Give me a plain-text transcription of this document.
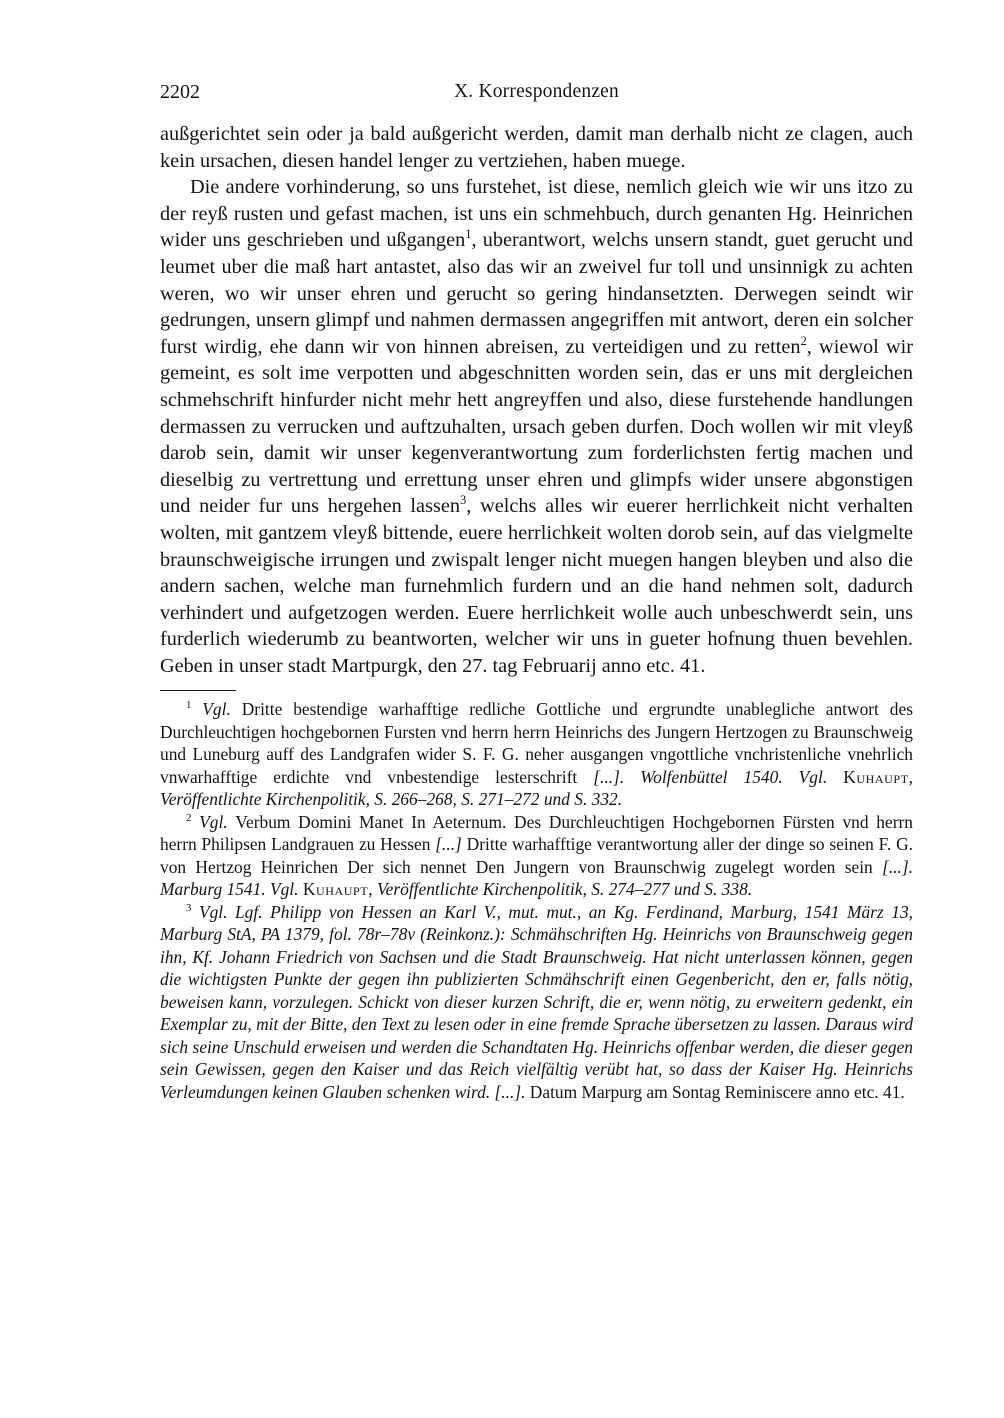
2202	X. Korrespondenzen

außgerichtet sein oder ja bald außgericht werden, damit man derhalb nicht ze clagen, auch kein ursachen, diesen handel lenger zu vertziehen, haben muege.

Die andere vorhinderung, so uns furstehet, ist diese, nemlich gleich wie wir uns itzo zu der reyß rusten und gefast machen, ist uns ein schmehbuch, durch genanten Hg. Heinrichen wider uns geschrieben und ußgangen$^1$, uberantwort, welchs unsern standt, guet gerucht und leumet uber die maß hart antastet, also das wir an zweivel fur toll und unsinnigk zu achten weren, wo wir unser ehren und gerucht so gering hindansetzten. Derwegen seindt wir gedrungen, unsern glimpf und nahmen dermassen angegriffen mit antwort, deren ein solcher furst wirdig, ehe dann wir von hinnen abreisen, zu verteidigen und zu retten$^2$, wiewol wir gemeint, es solt ime verpotten und abgeschnitten worden sein, das er uns mit dergleichen schmehschrift hinfurder nicht mehr hett angreyffen und also, diese furstehende handlungen dermassen zu verrucken und auftzuhalten, ursach geben durfen. Doch wollen wir mit vleyß darob sein, damit wir unser kegenverantwortung zum forderlichsten fertig machen und dieselbig zu vertrettung und errettung unser ehren und glimpfs wider unsere abgonstigen und neider fur uns hergehen lassen$^3$, welchs alles wir euerer herrlichkeit nicht verhalten wolten, mit gantzem vleyß bittende, euere herrlichkeit wolten dorob sein, auf das vielgmelte braunschweigische irrungen und zwispalt lenger nicht muegen hangen bleyben und also die andern sachen, welche man furnehmlich furdern und an die hand nehmen solt, dadurch verhindert und aufgetzogen werden. Euere herrlichkeit wolle auch unbeschwerdt sein, uns furderlich wiederumb zu beantworten, welcher wir uns in gueter hofnung thuen bevehlen. Geben in unser stadt Martpurgk, den 27. tag Februarij anno etc. 41.

$^1$ Vgl. Dritte bestendige warhafftige redliche Gottliche und ergrundte unablegliche antwort des Durchleuchtigen hochgebornen Fursten vnd herrn herrn Heinrichs des Jungern Hertzogen zu Braunschweig und Luneburg auff des Landgrafen wider S. F. G. neher ausgangen vngottliche vnchristenliche vnehrlich vnwarhafftige erdichte vnd vnbestendige lesterschrift [...]. Wolfenbüttel 1540. Vgl. Kuhaupt, Veröffentlichte Kirchenpolitik, S. 266–268, S. 271–272 und S. 332.

$^2$ Vgl. Verbum Domini Manet In Aeternum. Des Durchleuchtigen Hochgebornen Fürsten vnd herrn herrn Philipsen Landgrauen zu Hessen [...] Dritte warhafftige verantwortung aller der dinge so seinen F. G. von Hertzog Heinrichen Der sich nennet Den Jungern von Braunschwig zugelegt worden sein [...]. Marburg 1541. Vgl. Kuhaupt, Veröffentlichte Kirchenpolitik, S. 274–277 und S. 338.

$^3$ Vgl. Lgf. Philipp von Hessen an Karl V., mut. mut., an Kg. Ferdinand, Marburg, 1541 März 13, Marburg StA, PA 1379, fol. 78r–78v (Reinkonz.): Schmähschriften Hg. Heinrichs von Braunschweig gegen ihn, Kf. Johann Friedrich von Sachsen und die Stadt Braunschweig. Hat nicht unterlassen können, gegen die wichtigsten Punkte der gegen ihn publizierten Schmähschrift einen Gegenbericht, den er, falls nötig, beweisen kann, vorzulegen. Schickt von dieser kurzen Schrift, die er, wenn nötig, zu erweitern gedenkt, ein Exemplar zu, mit der Bitte, den Text zu lesen oder in eine fremde Sprache übersetzen zu lassen. Daraus wird sich seine Unschuld erweisen und werden die Schandtaten Hg. Heinrichs offenbar werden, die dieser gegen sein Gewissen, gegen den Kaiser und das Reich vielfältig verübt hat, so dass der Kaiser Hg. Heinrichs Verleumdungen keinen Glauben schenken wird. [...]. Datum Marpurg am Sontag Reminiscere anno etc. 41.
